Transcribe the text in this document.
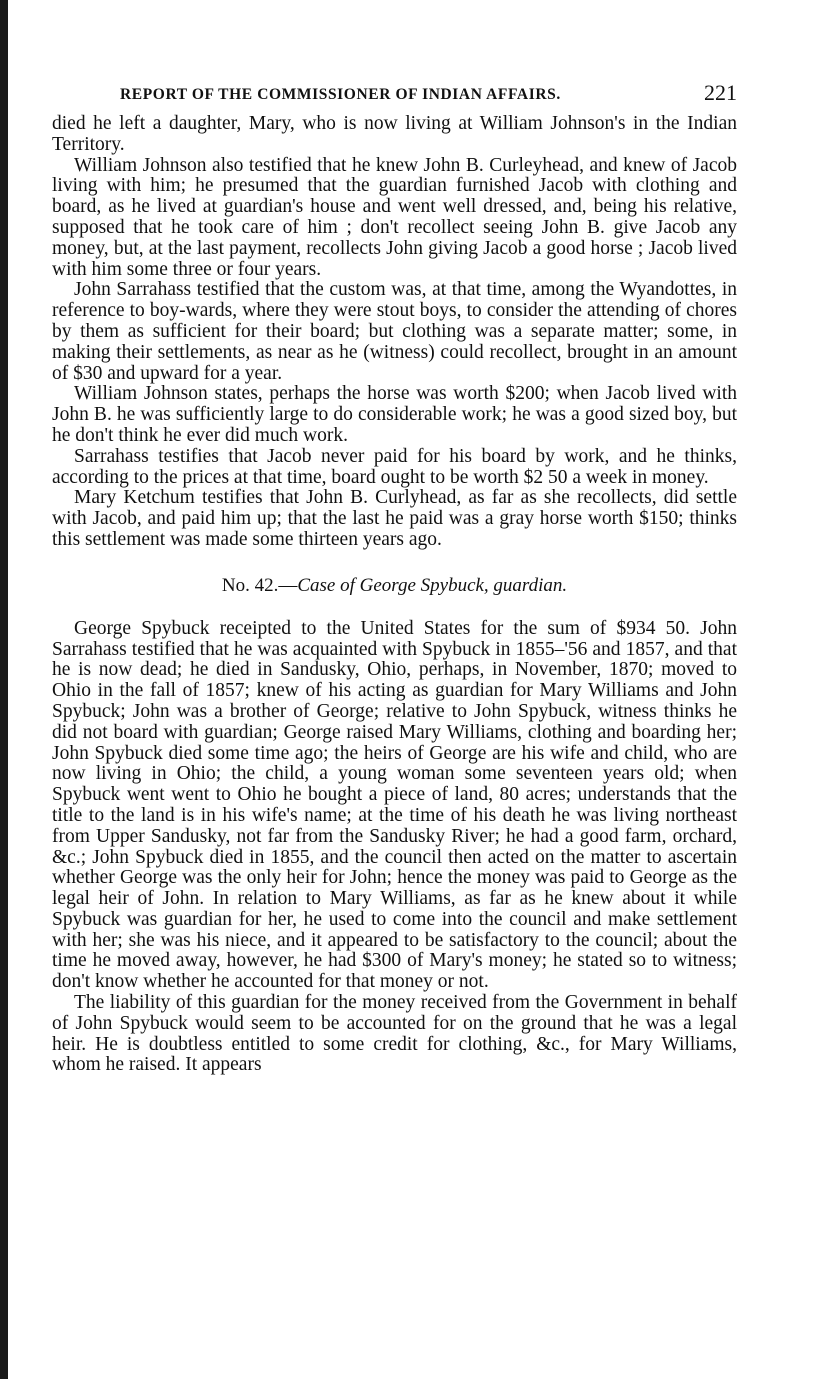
REPORT OF THE COMMISSIONER OF INDIAN AFFAIRS.	221

died he left a daughter, Mary, who is now living at William Johnson's in the Indian Territory.

William Johnson also testified that he knew John B. Curleyhead, and knew of Jacob living with him; he presumed that the guardian furnished Jacob with clothing and board, as he lived at guardian's house and went well dressed, and, being his relative, supposed that he took care of him ; don't recollect seeing John B. give Jacob any money, but, at the last payment, recollects John giving Jacob a good horse ; Jacob lived with him some three or four years.

John Sarrahass testified that the custom was, at that time, among the Wyandottes, in reference to boy-wards, where they were stout boys, to consider the attending of chores by them as sufficient for their board; but clothing was a separate matter; some, in making their settlements, as near as he (witness) could recollect, brought in an amount of $30 and upward for a year.

William Johnson states, perhaps the horse was worth $200; when Jacob lived with John B. he was sufficiently large to do considerable work; he was a good sized boy, but he don't think he ever did much work.

Sarrahass testifies that Jacob never paid for his board by work, and he thinks, according to the prices at that time, board ought to be worth $2 50 a week in money.

Mary Ketchum testifies that John B. Curlyhead, as far as she recollects, did settle with Jacob, and paid him up; that the last he paid was a gray horse worth $150; thinks this settlement was made some thirteen years ago.

No. 42.—Case of George Spybuck, guardian.

George Spybuck receipted to the United States for the sum of $934 50. John Sarrahass testified that he was acquainted with Spybuck in 1855–'56 and 1857, and that he is now dead; he died in Sandusky, Ohio, perhaps, in November, 1870; moved to Ohio in the fall of 1857; knew of his acting as guardian for Mary Williams and John Spybuck; John was a brother of George; relative to John Spybuck, witness thinks he did not board with guardian; George raised Mary Williams, clothing and boarding her; John Spybuck died some time ago; the heirs of George are his wife and child, who are now living in Ohio; the child, a young woman some seventeen years old; when Spybuck went went to Ohio he bought a piece of land, 80 acres; understands that the title to the land is in his wife's name; at the time of his death he was living northeast from Upper Sandusky, not far from the Sandusky River; he had a good farm, orchard, &c.; John Spybuck died in 1855, and the council then acted on the matter to ascertain whether George was the only heir for John; hence the money was paid to George as the legal heir of John. In relation to Mary Williams, as far as he knew about it while Spybuck was guardian for her, he used to come into the council and make settlement with her; she was his niece, and it appeared to be satisfactory to the council; about the time he moved away, however, he had $300 of Mary's money; he stated so to witness; don't know whether he accounted for that money or not.

The liability of this guardian for the money received from the Government in behalf of John Spybuck would seem to be accounted for on the ground that he was a legal heir. He is doubtless entitled to some credit for clothing, &c., for Mary Williams, whom he raised. It appears
